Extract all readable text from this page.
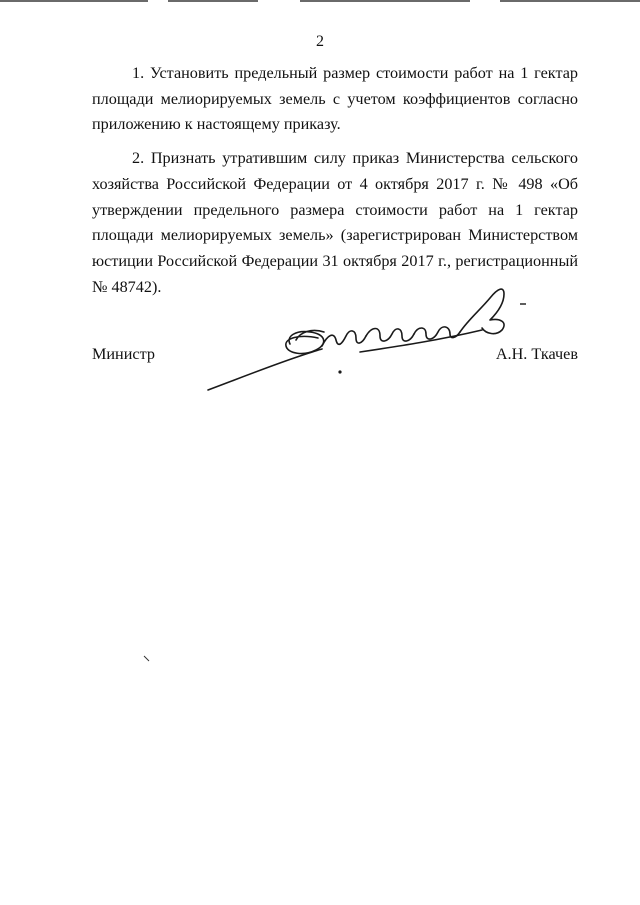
2

1. Установить предельный размер стоимости работ на 1 гектар площади мелиорируемых земель с учетом коэффициентов согласно приложению к настоящему приказу.

2. Признать утратившим силу приказ Министерства сельского хозяйства Российской Федерации от 4 октября 2017 г. № 498 «Об утверждении предельного размера стоимости работ на 1 гектар площади мелиорируемых земель» (зарегистрирован Министерством юстиции Российской Федерации 31 октября 2017 г., регистрационный № 48742).

Министр	А.Н. Ткачев
